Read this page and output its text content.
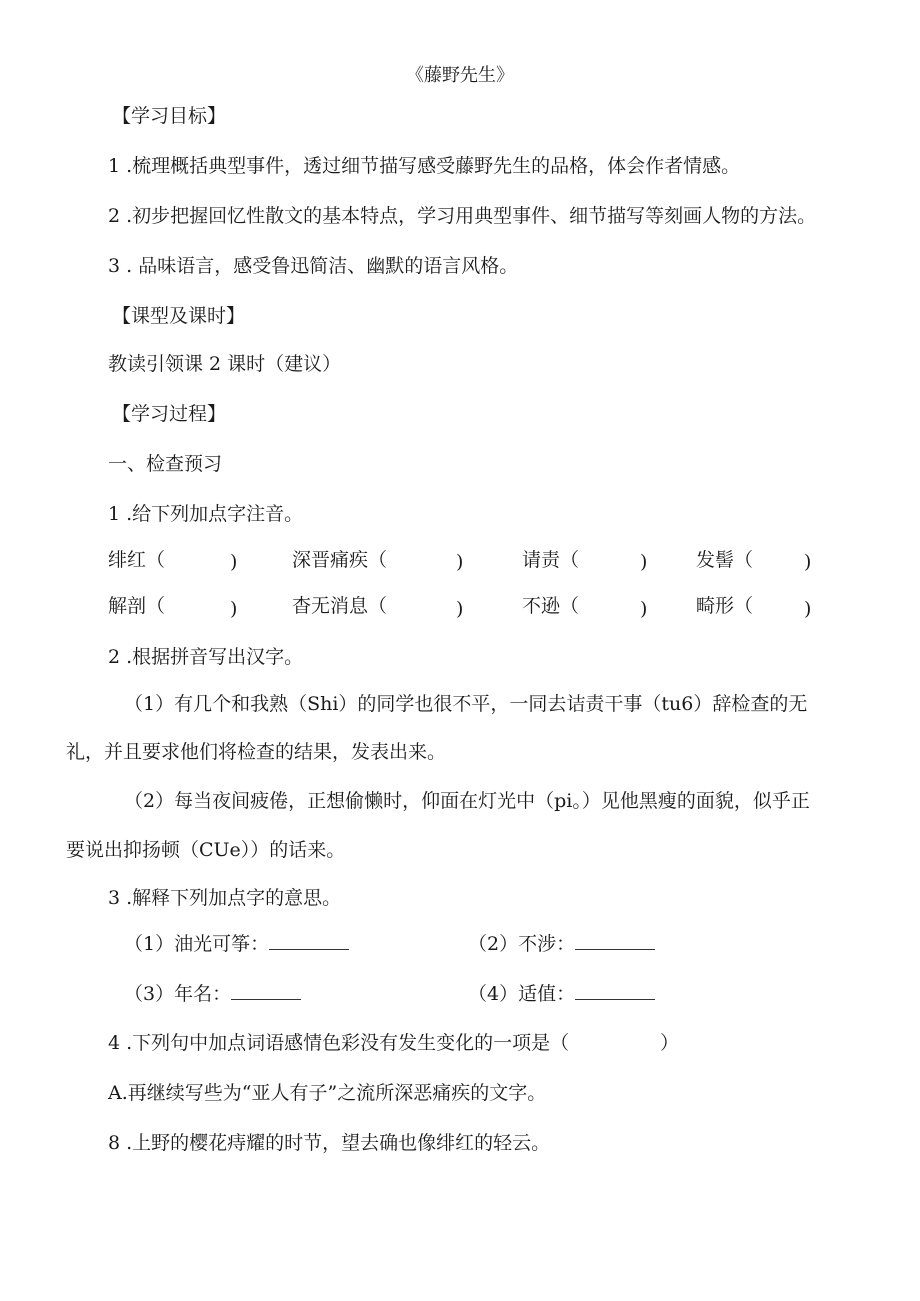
《藤野先生》
【学习目标】
1 .梳理概括典型事件，透过细节描写感受藤野先生的品格，体会作者情感。
2 .初步把握回忆性散文的基本特点，学习用典型事件、细节描写等刻画人物的方法。
3 . 品味语言，感受鲁迅简洁、幽默的语言风格。
【课型及课时】
教读引领课 2 课时（建议）
【学习过程】
一、检查预习
1 .给下列加点字注音。
绯红（	)	深晋痛疾（	)	请责（	)	发髻（	)
解剖（	)	杳无消息（	)	不逊（	)	畸形（	)
2 .根据拼音写出汉字。
（1）有几个和我熟（Shi）的同学也很不平，一同去诘责干事（tu6）辞检查的无
礼，并且要求他们将检查的结果，发表出来。
（2）每当夜间疲倦，正想偷懒时，仰面在灯光中（pi。）见他黑瘦的面貌，似乎正
要说出抑扬顿（CUe））的话来。
3 .解释下列加点字的意思。
（1）油光可筝：	（2）不涉：
（3）年名：	（4）适值：
4 .下列句中加点词语感情色彩没有发生变化的一项是（	）
A.再继续写些为“亚人有子”之流所深恶痛疾的文字。
8 .上野的樱花痔耀的时节，望去确也像绯红的轻云。
